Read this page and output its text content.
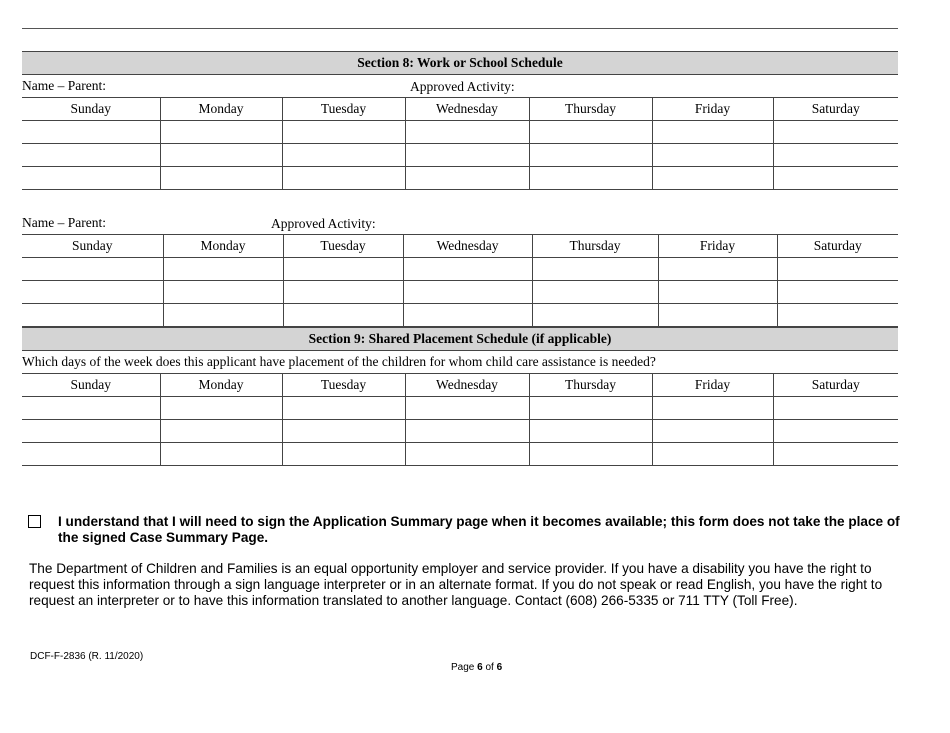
Section 8: Work or School Schedule						
Name – Parent:			Approved Activity:			

Sunday	Monday	Tuesday	Wednesday	Thursday	Friday	Saturday

Name – Parent:			Approved Activity:			

Sunday	Monday	Tuesday	Wednesday	Thursday	Friday	Saturday

Section 9: Shared Placement Schedule (if applicable)						
Which days of the week does this applicant have placement of the children for whom child care assistance is needed?						
Sunday	Monday	Tuesday	Wednesday	Thursday	Friday	Saturday

I understand that I will need to sign the Application Summary page when it becomes available; this form does not take the place of the signed Case Summary Page.
The Department of Children and Families is an equal opportunity employer and service provider. If you have a disability you have the right to request this information through a sign language interpreter or in an alternate format. If you do not speak or read English, you have the right to request an interpreter or to have this information translated to another language. Contact (608) 266-5335 or 711 TTY (Toll Free).
DCF-F-2836 (R. 11/2020)
Page 6 of 6
